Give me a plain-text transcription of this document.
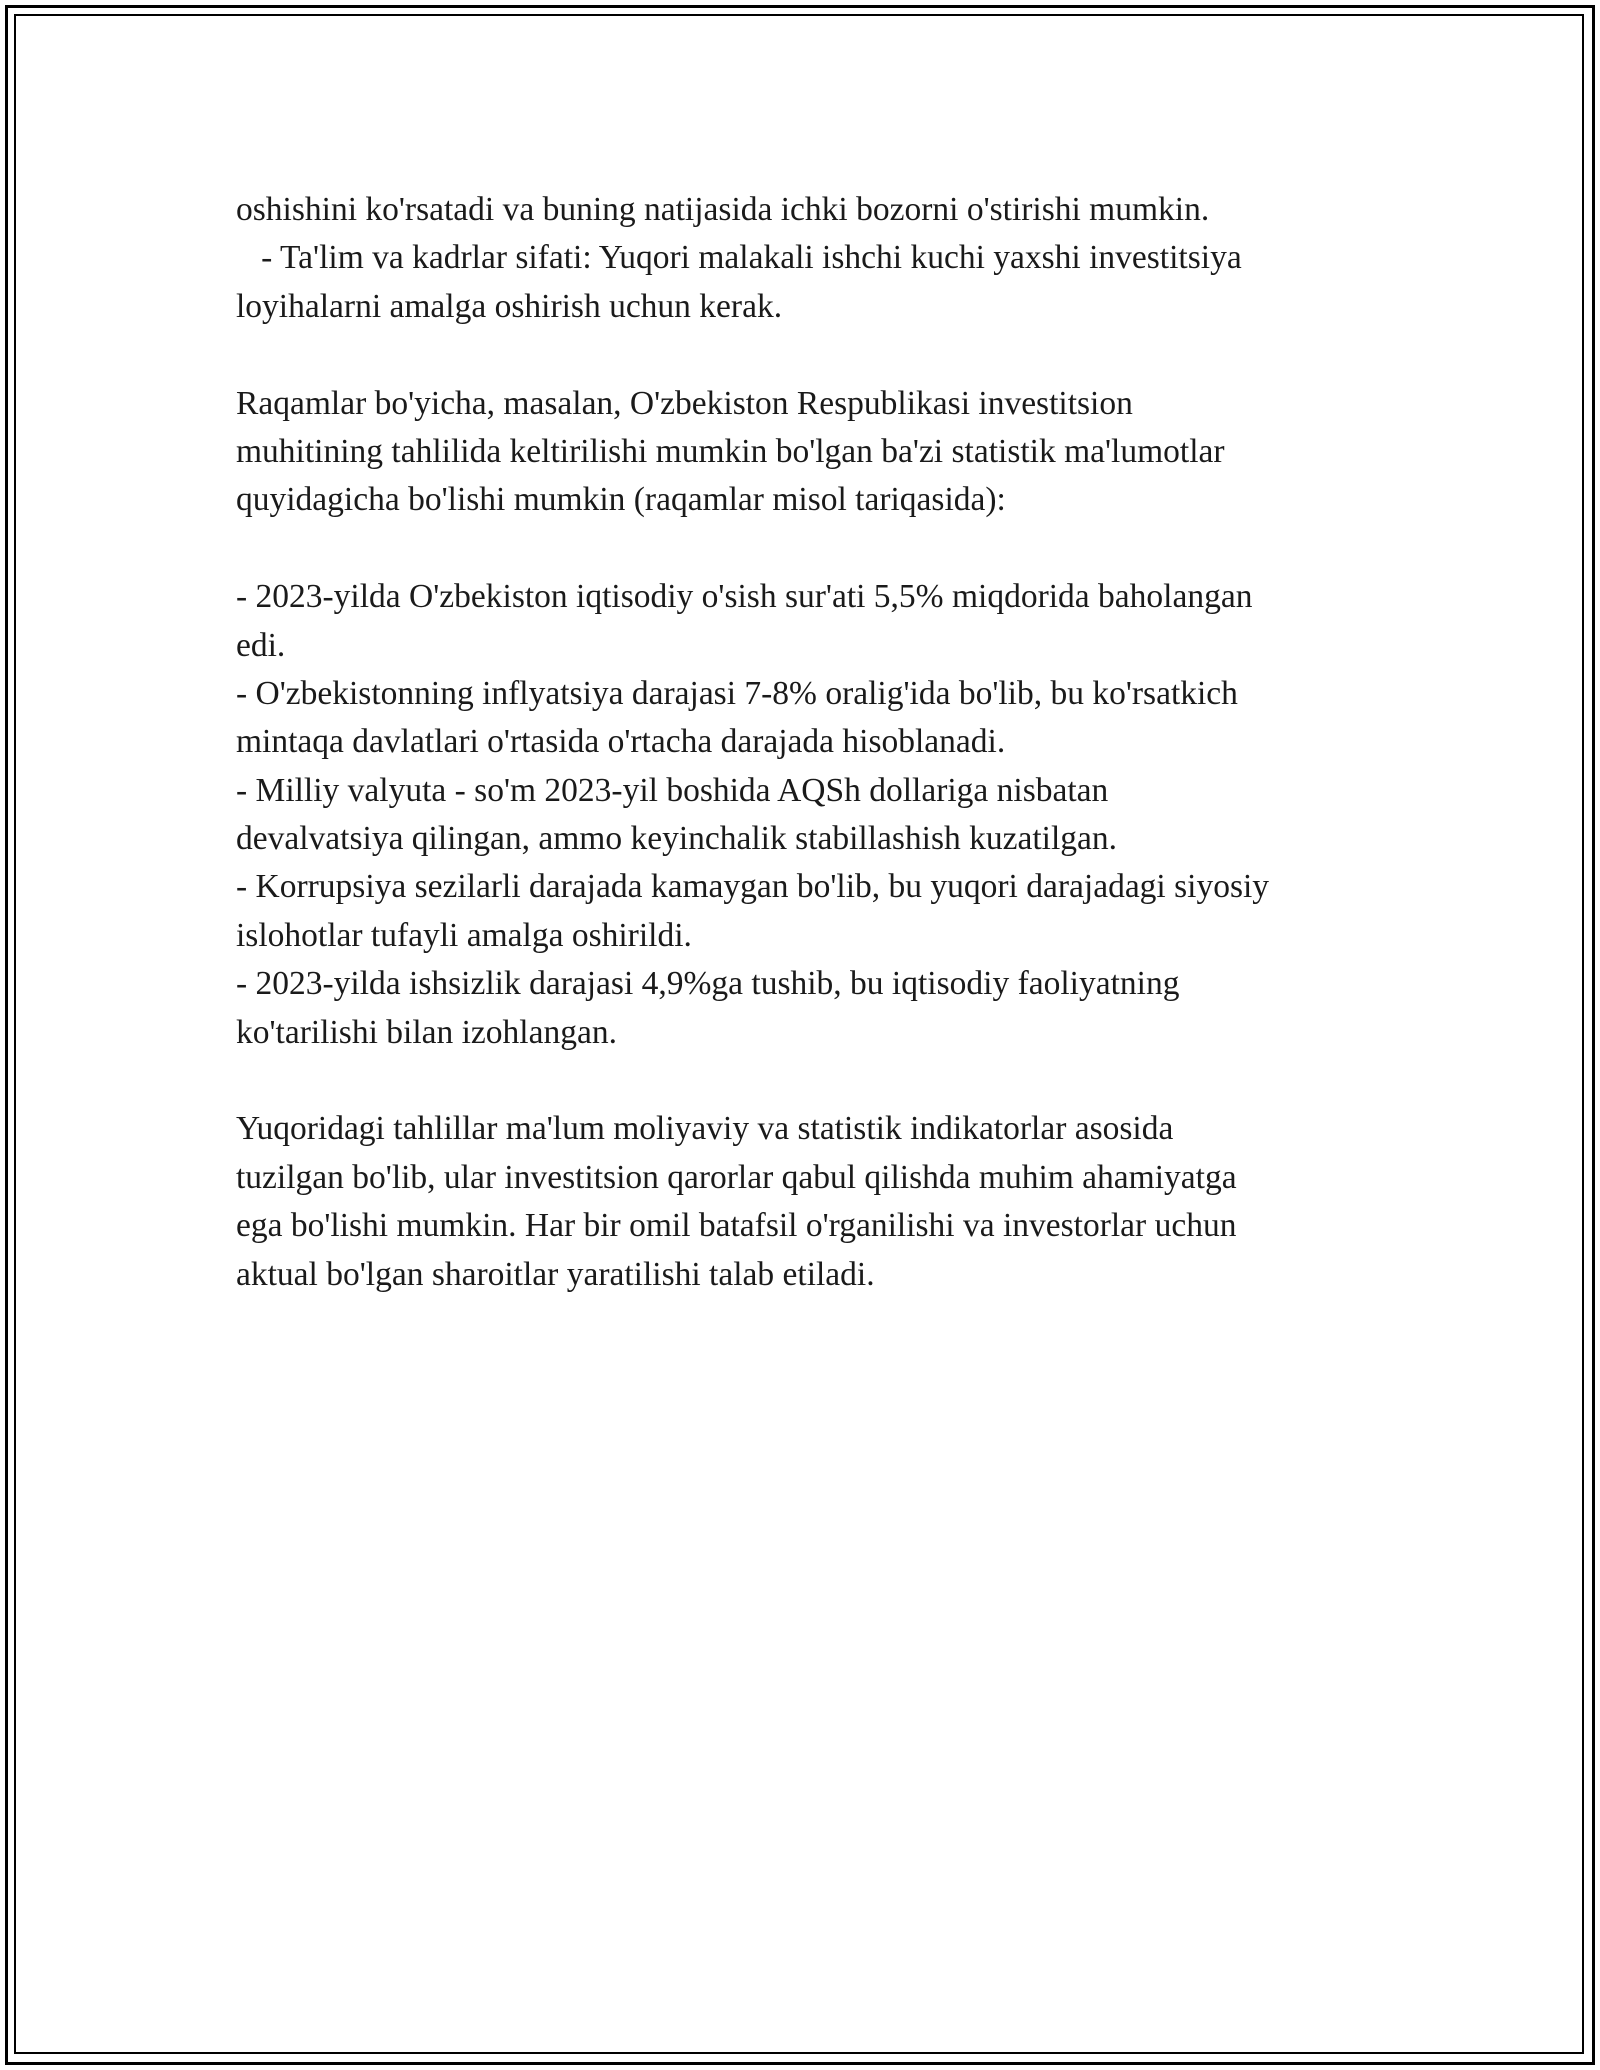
oshishini ko'rsatadi va buning natijasida ichki bozorni o'stirishi mumkin.
- Ta'lim va kadrlar sifati: Yuqori malakali ishchi kuchi yaxshi investitsiya
loyihalarni amalga oshirish uchun kerak.
Raqamlar bo'yicha, masalan, O'zbekiston Respublikasi investitsion
muhitining tahlilida keltirilishi mumkin bo'lgan ba'zi statistik ma'lumotlar
quyidagicha bo'lishi mumkin (raqamlar misol tariqasida):
- 2023-yilda O'zbekiston iqtisodiy o'sish sur'ati 5,5% miqdorida baholangan
edi.
- O'zbekistonning inflyatsiya darajasi 7-8% oralig'ida bo'lib, bu ko'rsatkich
mintaqa davlatlari o'rtasida o'rtacha darajada hisoblanadi.
- Milliy valyuta - so'm 2023-yil boshida AQSh dollariga nisbatan
devalvatsiya qilingan, ammo keyinchalik stabillashish kuzatilgan.
- Korrupsiya sezilarli darajada kamaygan bo'lib, bu yuqori darajadagi siyosiy
islohotlar tufayli amalga oshirildi.
- 2023-yilda ishsizlik darajasi 4,9%ga tushib, bu iqtisodiy faoliyatning
ko'tarilishi bilan izohlangan.
Yuqoridagi tahlillar ma'lum moliyaviy va statistik indikatorlar asosida
tuzilgan bo'lib, ular investitsion qarorlar qabul qilishda muhim ahamiyatga
ega bo'lishi mumkin. Har bir omil batafsil o'rganilishi va investorlar uchun
aktual bo'lgan sharoitlar yaratilishi talab etiladi.
